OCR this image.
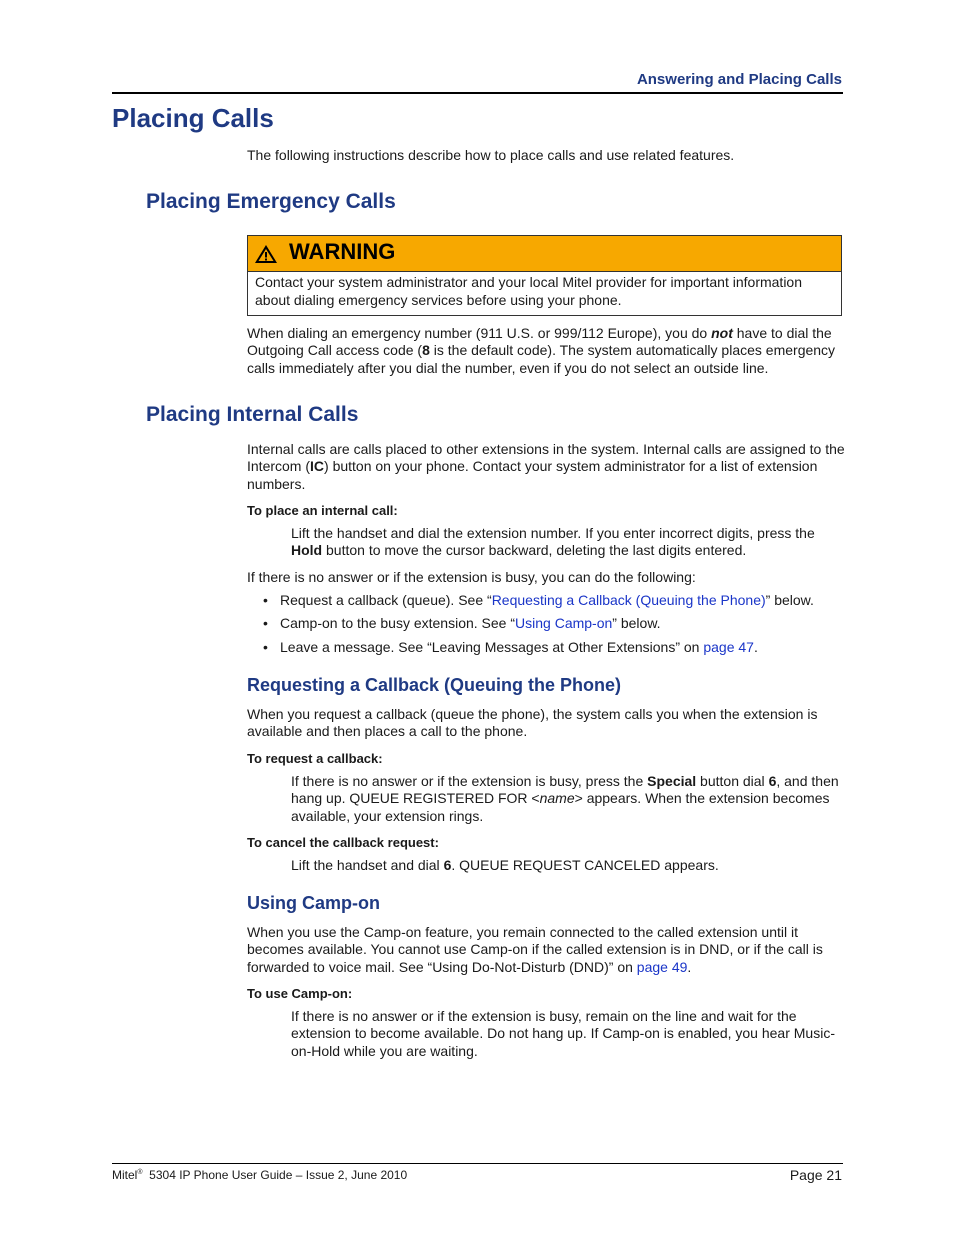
Answering and Placing Calls
Placing Calls
The following instructions describe how to place calls and use related features.
Placing Emergency Calls
WARNING
Contact your system administrator and your local Mitel provider for important information about dialing emergency services before using your phone.
When dialing an emergency number (911 U.S. or 999/112 Europe), you do not have to dial the Outgoing Call access code (8 is the default code). The system automatically places emergency calls immediately after you dial the number, even if you do not select an outside line.
Placing Internal Calls
Internal calls are calls placed to other extensions in the system. Internal calls are assigned to the Intercom (IC) button on your phone. Contact your system administrator for a list of extension numbers.
To place an internal call:
Lift the handset and dial the extension number. If you enter incorrect digits, press the Hold button to move the cursor backward, deleting the last digits entered.
If there is no answer or if the extension is busy, you can do the following:
• Request a callback (queue). See “Requesting a Callback (Queuing the Phone)” below.
• Camp-on to the busy extension. See “Using Camp-on” below.
• Leave a message. See “Leaving Messages at Other Extensions” on page 47.
Requesting a Callback (Queuing the Phone)
When you request a callback (queue the phone), the system calls you when the extension is available and then places a call to the phone.
To request a callback:
If there is no answer or if the extension is busy, press the Special button dial 6, and then hang up. QUEUE REGISTERED FOR <name> appears. When the extension becomes available, your extension rings.
To cancel the callback request:
Lift the handset and dial 6. QUEUE REQUEST CANCELED appears.
Using Camp-on
When you use the Camp-on feature, you remain connected to the called extension until it becomes available. You cannot use Camp-on if the called extension is in DND, or if the call is forwarded to voice mail. See “Using Do-Not-Disturb (DND)” on page 49.
To use Camp-on:
If there is no answer or if the extension is busy, remain on the line and wait for the extension to become available. Do not hang up. If Camp-on is enabled, you hear Music-on-Hold while you are waiting.
Mitel®  5304 IP Phone User Guide – Issue 2, June 2010	Page 21
